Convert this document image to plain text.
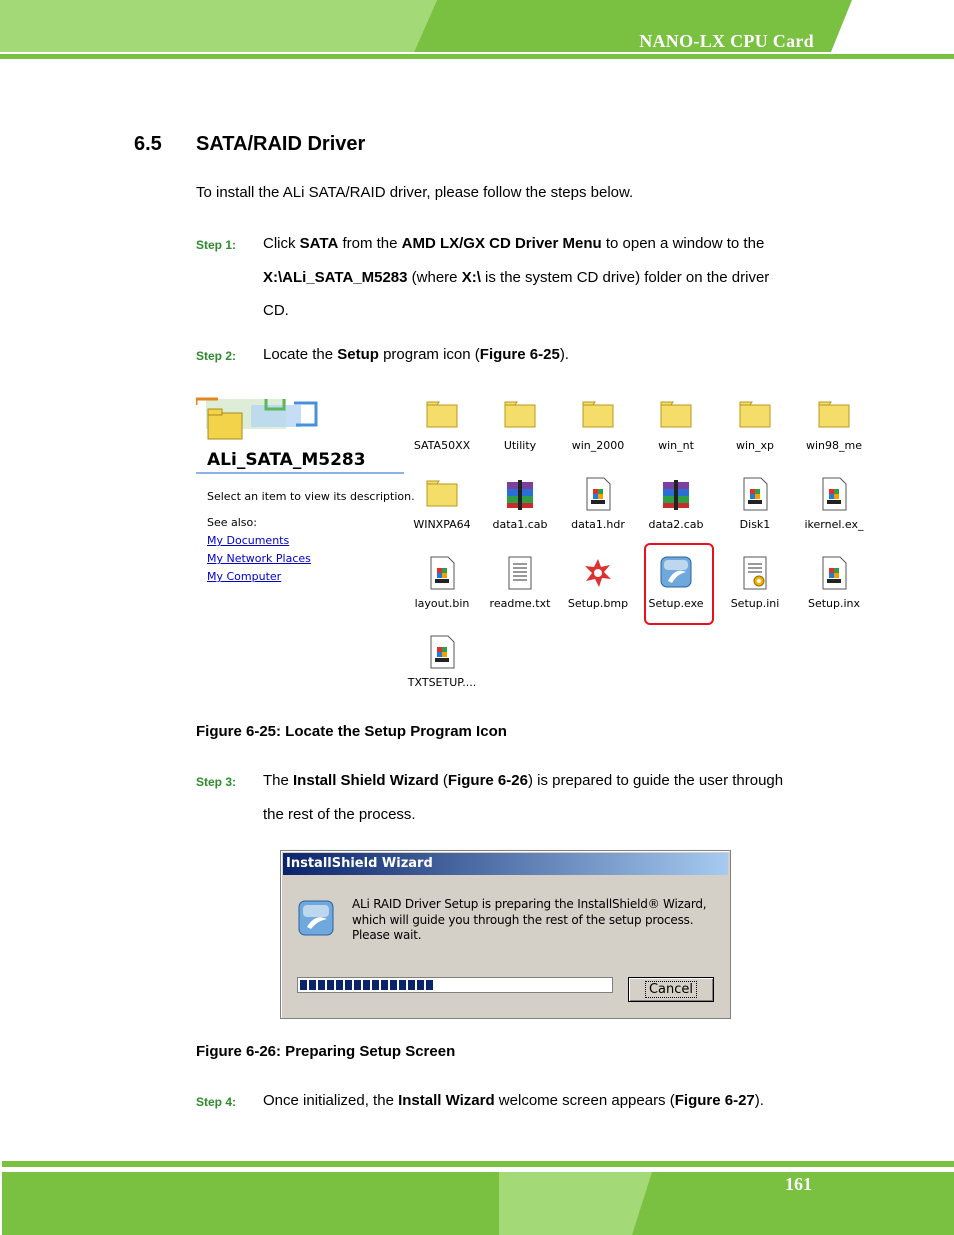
NANO-LX CPU Card
6.5 SATA/RAID Driver
To install the ALi SATA/RAID driver, please follow the steps below.
Step 1: Click SATA from the AMD LX/GX CD Driver Menu to open a window to the
X:\ALi_SATA_M5283 (where X:\ is the system CD drive) folder on the driver
CD.
Step 2: Locate the Setup program icon (Figure 6-25).
ALi_SATA_M5283
Select an item to view its description.
See also:
My Documents
My Network Places
My Computer
SATA50XX	Utility	win_2000	win_nt	win_xp	win98_me
WINXPA64	data1.cab	data1.hdr	data2.cab	Disk1	ikernel.ex_
layout.bin	readme.txt	Setup.bmp	Setup.exe	Setup.ini	Setup.inx
TXTSETUP....
Figure 6-25: Locate the Setup Program Icon
Step 3: The Install Shield Wizard (Figure 6-26) is prepared to guide the user through
the rest of the process.
InstallShield Wizard
ALi RAID Driver Setup is preparing the InstallShield® Wizard, which will guide you through the rest of the setup process. Please wait.
Cancel
Figure 6-26: Preparing Setup Screen
Step 4: Once initialized, the Install Wizard welcome screen appears (Figure 6-27).
161
